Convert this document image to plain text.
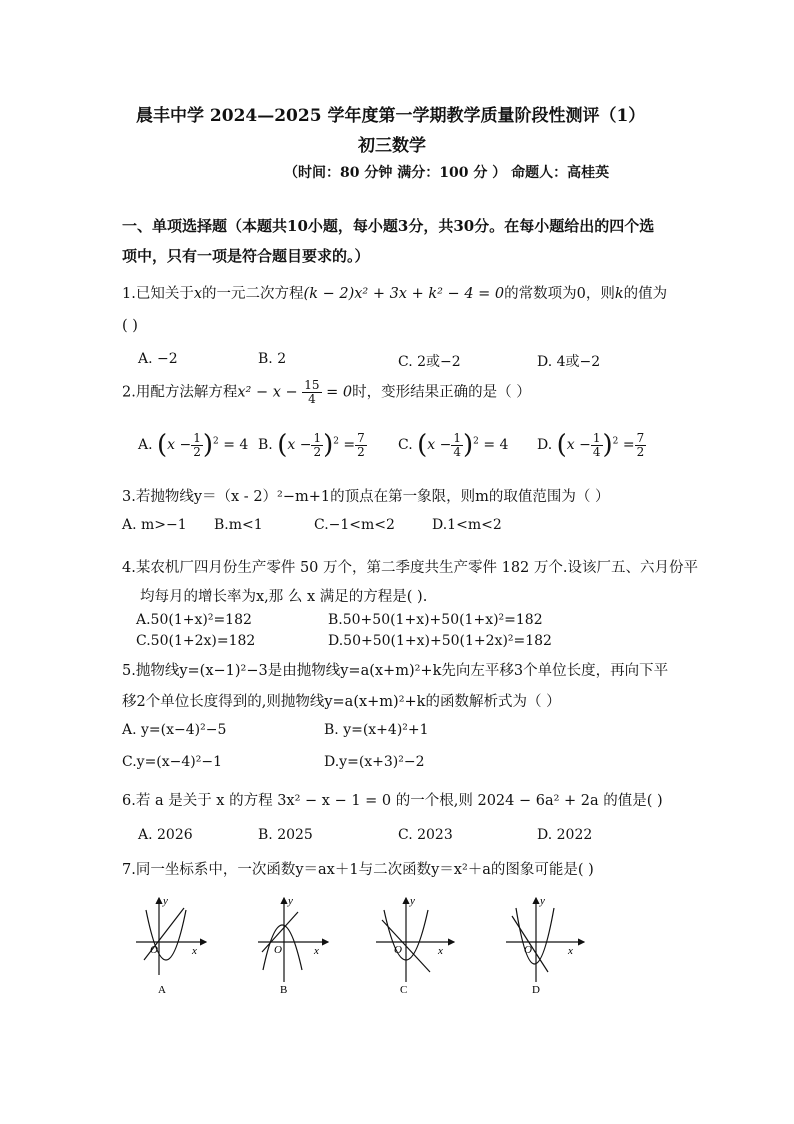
晨丰中学 2024—2025 学年度第一学期教学质量阶段性测评（1）
初三数学
（时间：80 分钟 满分：100 分 ） 命题人：高桂英
一、单项选择题（本题共10小题，每小题3分，共30分。在每小题给出的四个选
项中，只有一项是符合题目要求的。）
1.已知关于x的一元二次方程(k − 2)x² + 3x + k² − 4 = 0的常数项为0，则k的值为
( )
A. −2	B. 2	C. 2或−2	D. 4或−2
2.用配方法解方程$x^2 - x - \frac{15}{4} = 0$时，变形结果正确的是（ ）
A. $(x - \frac{1}{2} )^2 = 4$ B. $(x - \frac{1}{2} )^2 = \frac{7}{2} C$. $(x - \frac{1}{4} )^2 = 4$ D. $(x - \frac{1}{4} )^2 = \frac{7}{2}$
3.若抛物线y＝（x - 2）²−m+1的顶点在第一象限，则m的取值范围为（ ）
A. m>−1 B.m<1	C.−1<m<2	D.1<m<2
4.某农机厂四月份生产零件 50 万个，第二季度共生产零件 182 万个.设该厂五、六月份平
均每月的增长率为x,那 么 x 满足的方程是( ).
A.50(1+x)²=182	B.50+50(1+x)+50(1+x)²=182
C.50(1+2x)=182	D.50+50(1+x)+50(1+2x)²=182
5.抛物线y=(x−1)²−3是由抛物线y=a(x+m)²+k先向左平移3个单位长度，再向下平
移2个单位长度得到的,则抛物线y=a(x+m)²+k的函数解析式为（ ）
A. y=(x−4)²−5	B. y=(x+4)²+1
C.y=(x−4)²−1	D.y=(x+3)²−2
6.若 a 是关于 x 的方程 3x² − x − 1 = 0 的一个根,则 2024 − 6a² + 2a 的值是( )
A. 2026	B. 2025	C. 2023	D. 2022
7.同一坐标系中，一次函数y＝ax＋1与二次函数y＝x²＋a的图象可能是( )
y
x
O
A
y
x
O
B
y
x
O
C
y
x
O
D
